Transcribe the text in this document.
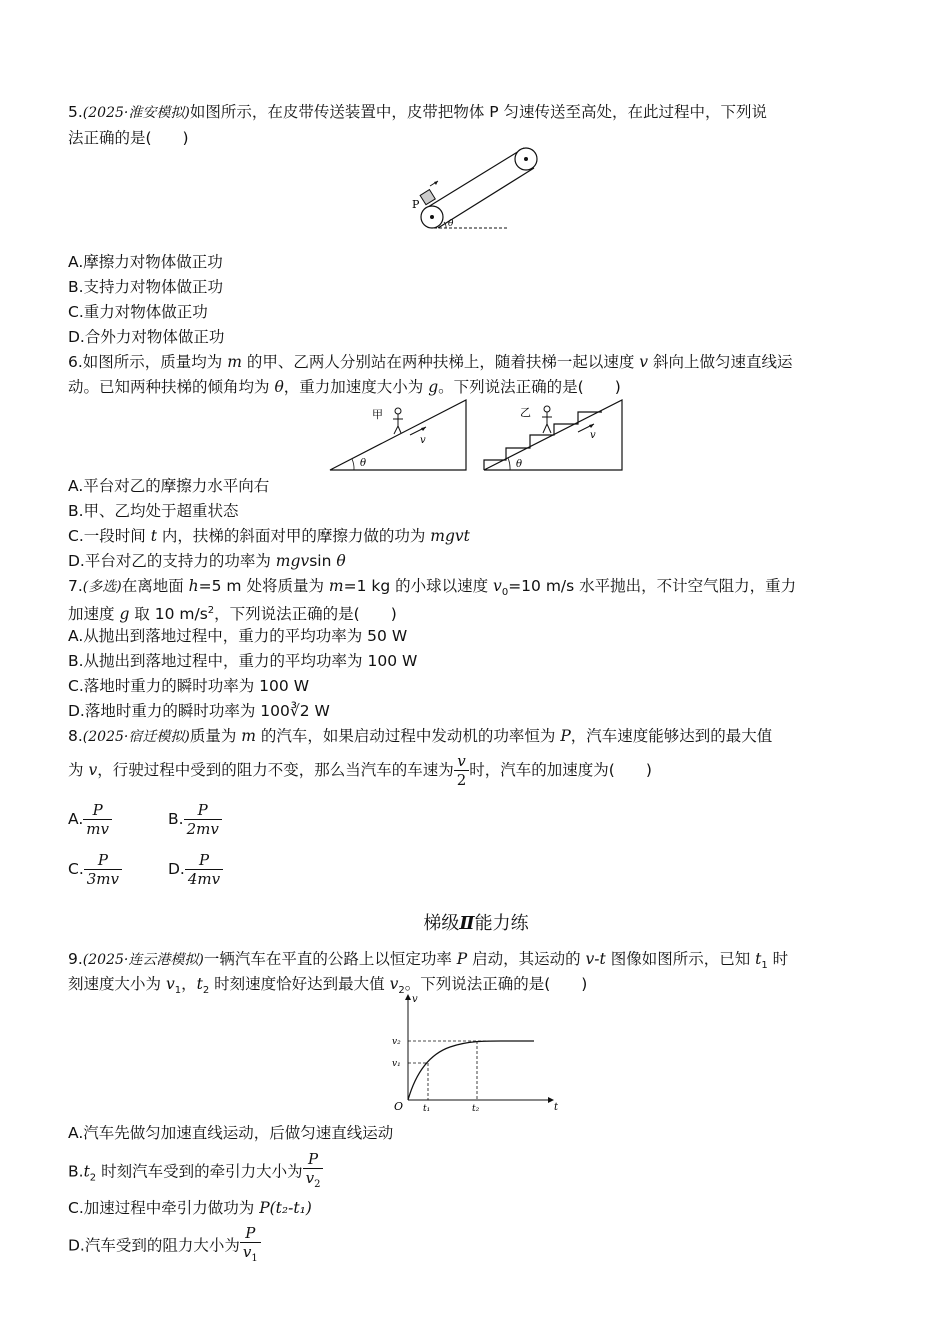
5.(2025·淮安模拟)如图所示，在皮带传送装置中，皮带把物体 P 匀速传送至高处，在此过程中，下列说
法正确的是(　　)
P
θ
A.摩擦力对物体做正功
B.支持力对物体做正功
C.重力对物体做正功
D.合外力对物体做正功
6.如图所示，质量均为 m 的甲、乙两人分别站在两种扶梯上，随着扶梯一起以速度 v 斜向上做匀速直线运
动。已知两种扶梯的倾角均为 θ，重力加速度大小为 g。下列说法正确的是(　　)
甲
v
θ
乙
v
θ
A.平台对乙的摩擦力水平向右
B.甲、乙均处于超重状态
C.一段时间 t 内，扶梯的斜面对甲的摩擦力做的功为 mgvt
D.平台对乙的支持力的功率为 mgvsin θ
7.(多选)在离地面 h=5 m 处将质量为 m=1 kg 的小球以速度 $v_0=10$ m/s 水平抛出，不计空气阻力，重力
加速度 g 取 10 $m/s^2$，下列说法正确的是(　　)
A.从抛出到落地过程中，重力的平均功率为 50 W
B.从抛出到落地过程中，重力的平均功率为 100 W
C.落地时重力的瞬时功率为 100 W
D.落地时重力的瞬时功率为 100∛2 W
8.(2025·宿迁模拟)质量为 m 的汽车，如果启动过程中发动机的功率恒为 P，汽车速度能够达到的最大值
为 v，行驶过程中受到的阻力不变，那么当汽车的车速为 $\frac{v}{2}$ 时，汽车的加速度为(　　)
A. $\frac{P}{mv}$	B. $\frac{P}{2mv}$
C. $\frac{P}{3mv}$	D. $\frac{P}{4mv}$
梯级Ⅱ能力练
9.(2025·连云港模拟)一辆汽车在平直的公路上以恒定功率 P 启动，其运动的 v-t 图像如图所示，已知 $t_1$ 时
刻速度大小为 $v_1$，$t_2$ 时刻速度恰好达到最大值 $v_2$。下列说法正确的是(　　)
v
t
O
v₁
v₂
t₁	t₂
A.汽车先做匀加速直线运动，后做匀速直线运动
$B.t_2$ 时刻汽车受到的牵引力大小为 $\frac{P}{v_2}$
C.加速过程中牵引力做功为 P(t₂-t₁)
D.汽车受到的阻力大小为 $\frac{P}{v_1}$
